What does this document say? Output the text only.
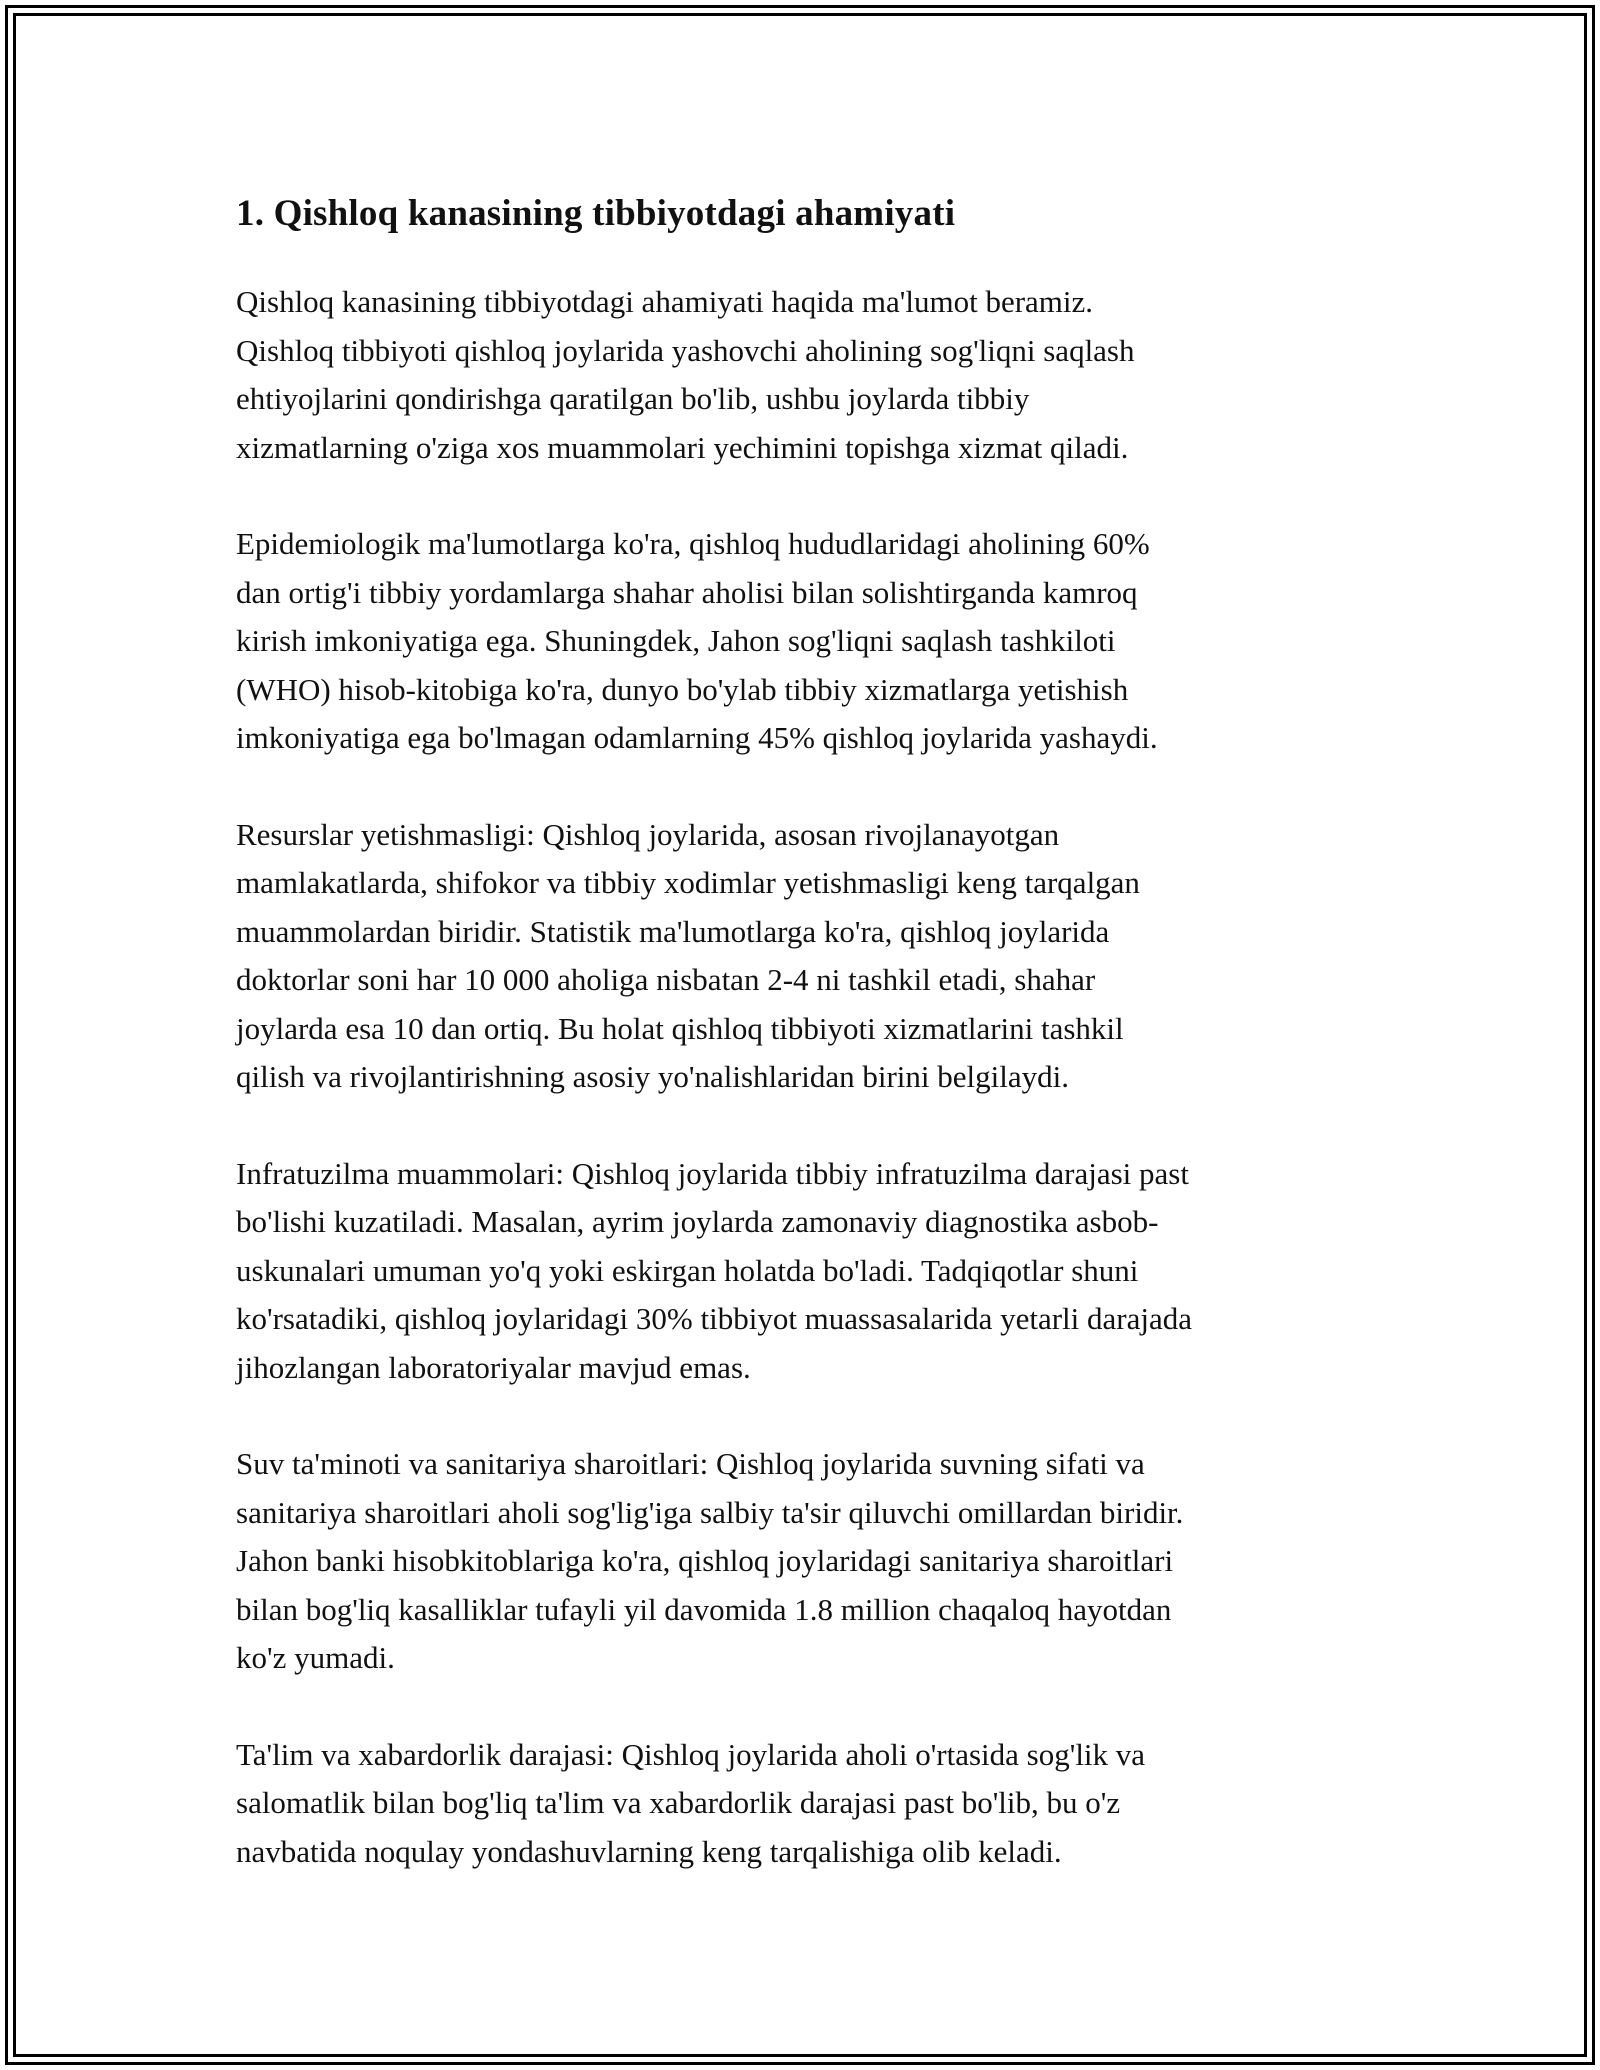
1. Qishloq kanasining tibbiyotdagi ahamiyati

Qishloq kanasining tibbiyotdagi ahamiyati haqida ma'lumot beramiz.
Qishloq tibbiyoti qishloq joylarida yashovchi aholining sog'liqni saqlash
ehtiyojlarini qondirishga qaratilgan bo'lib, ushbu joylarda tibbiy
xizmatlarning o'ziga xos muammolari yechimini topishga xizmat qiladi.

Epidemiologik ma'lumotlarga ko'ra, qishloq hududlaridagi aholining 60%
dan ortig'i tibbiy yordamlarga shahar aholisi bilan solishtirganda kamroq
kirish imkoniyatiga ega. Shuningdek, Jahon sog'liqni saqlash tashkiloti
(WHO) hisob-kitobiga ko'ra, dunyo bo'ylab tibbiy xizmatlarga yetishish
imkoniyatiga ega bo'lmagan odamlarning 45% qishloq joylarida yashaydi.

Resurslar yetishmasligi: Qishloq joylarida, asosan rivojlanayotgan
mamlakatlarda, shifokor va tibbiy xodimlar yetishmasligi keng tarqalgan
muammolardan biridir. Statistik ma'lumotlarga ko'ra, qishloq joylarida
doktorlar soni har 10 000 aholiga nisbatan 2-4 ni tashkil etadi, shahar
joylarda esa 10 dan ortiq. Bu holat qishloq tibbiyoti xizmatlarini tashkil
qilish va rivojlantirishning asosiy yo'nalishlaridan birini belgilaydi.

Infratuzilma muammolari: Qishloq joylarida tibbiy infratuzilma darajasi past
bo'lishi kuzatiladi. Masalan, ayrim joylarda zamonaviy diagnostika asbob-
uskunalari umuman yo'q yoki eskirgan holatda bo'ladi. Tadqiqotlar shuni
ko'rsatadiki, qishloq joylaridagi 30% tibbiyot muassasalarida yetarli darajada
jihozlangan laboratoriyalar mavjud emas.

Suv ta'minoti va sanitariya sharoitlari: Qishloq joylarida suvning sifati va
sanitariya sharoitlari aholi sog'lig'iga salbiy ta'sir qiluvchi omillardan biridir.
Jahon banki hisobkitoblariga ko'ra, qishloq joylaridagi sanitariya sharoitlari
bilan bog'liq kasalliklar tufayli yil davomida 1.8 million chaqaloq hayotdan
ko'z yumadi.

Ta'lim va xabardorlik darajasi: Qishloq joylarida aholi o'rtasida sog'lik va
salomatlik bilan bog'liq ta'lim va xabardorlik darajasi past bo'lib, bu o'z
navbatida noqulay yondashuvlarning keng tarqalishiga olib keladi.
